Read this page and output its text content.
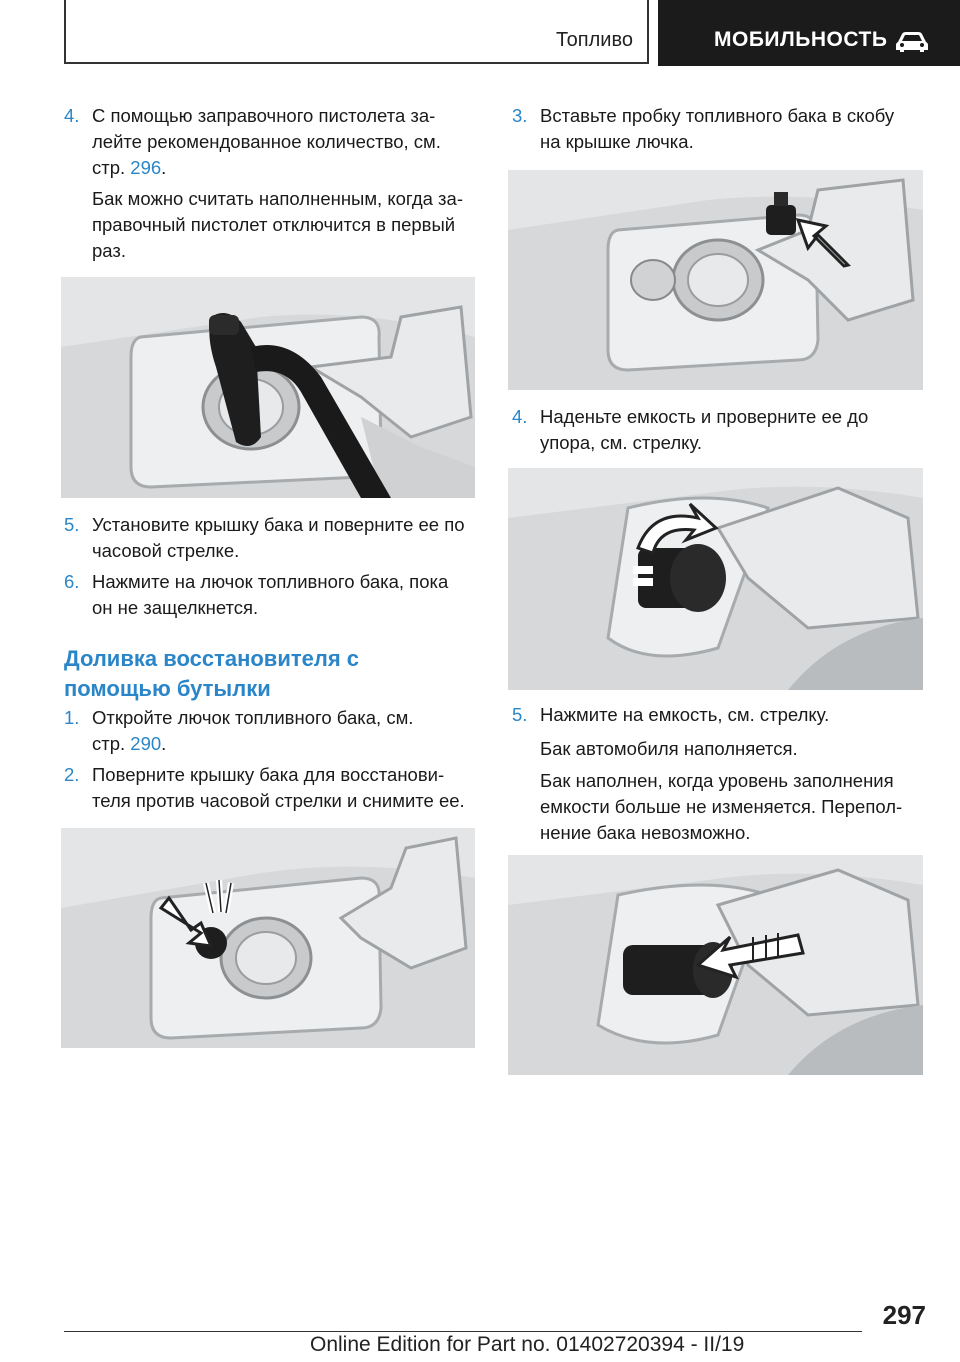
Топливо	МОБИЛЬНОСТЬ
4. С помощью заправочного пистолета за-
лейте рекомендованное количество, см.
стр. 296.
Бак можно считать наполненным, когда за-
правочный пистолет отключится в первый
раз.
5. Установите крышку бака и поверните ее по
часовой стрелке.
6. Нажмите на лючок топливного бака, пока
он не защелкнется.
Доливка восстановителя с
помощью бутылки
1. Откройте лючок топливного бака, см.
стр. 290.
2. Поверните крышку бака для восстанови-
теля против часовой стрелки и снимите ее.
3. Вставьте пробку топливного бака в скобу
на крышке лючка.
4. Наденьте емкость и проверните ее до
упора, см. стрелку.
5. Нажмите на емкость, см. стрелку.
Бак автомобиля наполняется.
Бак наполнен, когда уровень заполнения
емкости больше не изменяется. Перепол-
нение бака невозможно.
297
Online Edition for Part no. 01402720394 - II/19
